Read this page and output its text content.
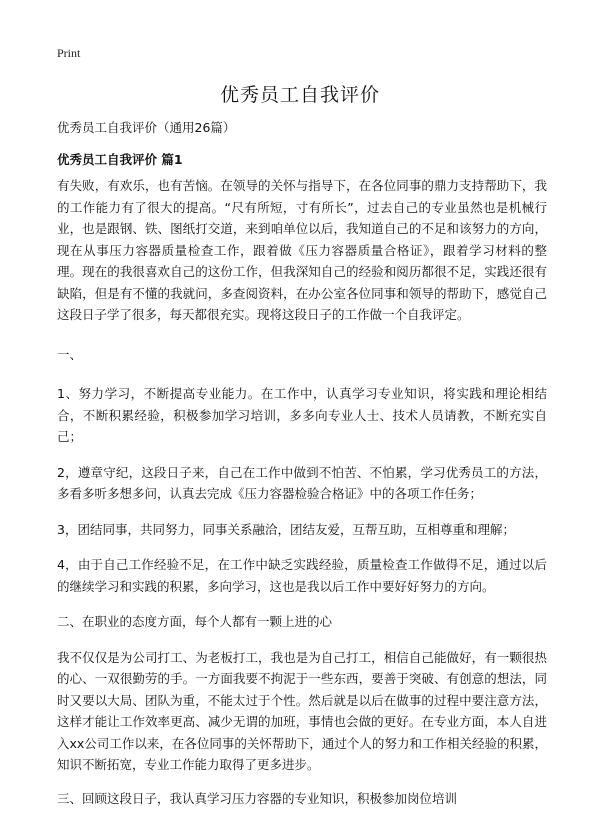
Print
优秀员工自我评价

优秀员工自我评价（通用26篇）

优秀员工自我评价 篇1

有失败，有欢乐，也有苦恼。在领导的关怀与指导下，在各位同事的鼎力支持帮助下，我的工作能力有了很大的提高。“尺有所短，寸有所长”，过去自己的专业虽然也是机械行业，也是跟钢、铁、图纸打交道，来到咱单位以后，我知道自己的不足和该努力的方向，现在从事压力容器质量检查工作，跟着做《压力容器质量合格证》，跟着学习材料的整理。现在的我很喜欢自己的这份工作，但我深知自己的经验和阅历都很不足，实践还很有缺陷，但是有不懂的我就问，多查阅资料，在办公室各位同事和领导的帮助下，感觉自己这段日子学了很多，每天都很充实。现将这段日子的工作做一个自我评定。

一、

1、努力学习，不断提高专业能力。在工作中，认真学习专业知识，将实践和理论相结合，不断积累经验，积极参加学习培训，多多向专业人士、技术人员请教，不断充实自己；

2，遵章守纪，这段日子来，自己在工作中做到不怕苦、不怕累，学习优秀员工的方法，多看多听多想多问，认真去完成《压力容器检验合格证》中的各项工作任务；

3，团结同事，共同努力，同事关系融洽，团结友爱，互帮互助，互相尊重和理解；

4，由于自己工作经验不足，在工作中缺乏实践经验，质量检查工作做得不足，通过以后的继续学习和实践的积累，多向学习，这也是我以后工作中要好好努力的方向。

二、在职业的态度方面，每个人都有一颗上进的心

我不仅仅是为公司打工、为老板打工，我也是为自己打工，相信自己能做好，有一颗很热的心、一双很勤劳的手。一方面我要不拘泥于一些东西，要善于突破、有创意的想法，同时又要以大局、团队为重，不能太过于个性。然后就是以后在做事的过程中要注意方法，这样才能让工作效率更高、减少无谓的加班，事情也会做的更好。在专业方面，本人自进入xx公司工作以来，在各位同事的关怀帮助下，通过个人的努力和工作相关经验的积累，知识不断拓宽，专业工作能力取得了更多进步。

三、回顾这段日子，我认真学习压力容器的专业知识，积极参加岗位培训
